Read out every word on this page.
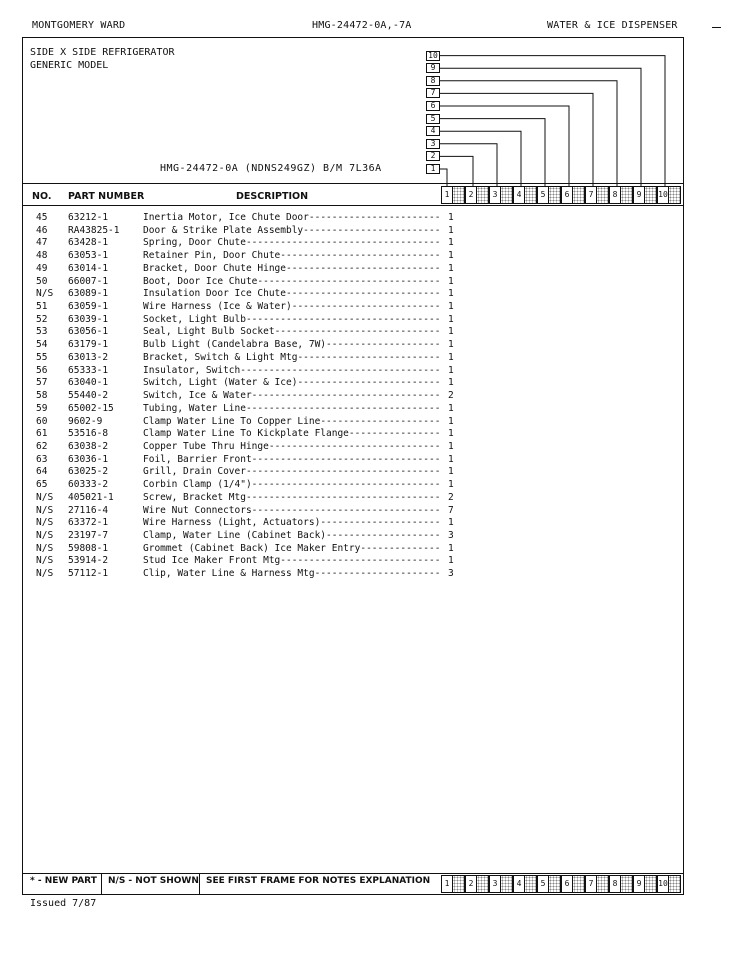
MONTGOMERY WARD	HMG-24472-0A,-7A	WATER & ICE DISPENSER
SIDE X SIDE REFRIGERATOR
GENERIC MODEL
HMG-24472-0A (NDNS249GZ) B/M 7L36A	1
2
3
4
5
6
7
8
9
10
NO. PART NUMBER	DESCRIPTION	1	2	3	4	5	6	7	8	9	10
45 63212-1	Inertia Motor, Ice Chute Door----------------------- 1
46 RA43825-1 Door & Strike Plate Assembly------------------------ 1
47 63428-1	Spring, Door Chute---------------------------------- 1
48 63053-1	Retainer Pin, Door Chute---------------------------- 1
49 63014-1	Bracket, Door Chute Hinge--------------------------- 1
50 66007-1	Boot, Door Ice Chute-------------------------------- 1
N/S 63089-1	Insulation Door Ice Chute--------------------------- 1
51 63059-1	Wire Harness (Ice & Water)-------------------------- 1
52 63039-1	Socket, Light Bulb---------------------------------- 1
53 63056-1	Seal, Light Bulb Socket----------------------------- 1
54 63179-1	Bulb Light (Candelabra Base, 7W)-------------------- 1
55 63013-2	Bracket, Switch & Light Mtg------------------------- 1
56 65333-1	Insulator, Switch----------------------------------- 1
57 63040-1	Switch, Light (Water & Ice)------------------------- 1
58 55440-2	Switch, Ice & Water--------------------------------- 2
59 65002-15	Tubing, Water Line---------------------------------- 1
60 9602-9	Clamp Water Line To Copper Line--------------------- 1
61 53516-8	Clamp Water Line To Kickplate Flange---------------- 1
62 63038-2	Copper Tube Thru Hinge------------------------------ 1
63 63036-1	Foil, Barrier Front--------------------------------- 1
64 63025-2	Grill, Drain Cover---------------------------------- 1
65 60333-2	Corbin Clamp (1/4")--------------------------------- 1
N/S 405021-1	Screw, Bracket Mtg---------------------------------- 2
N/S 27116-4	Wire Nut Connectors--------------------------------- 7
N/S 63372-1	Wire Harness (Light, Actuators)--------------------- 1
N/S 23197-7	Clamp, Water Line (Cabinet Back)-------------------- 3
N/S 59808-1	Grommet (Cabinet Back) Ice Maker Entry-------------- 1
N/S 53914-2	Stud Ice Maker Front Mtg---------------------------- 1
N/S 57112-1	Clip, Water Line & Harness Mtg---------------------- 3
* - NEW PART N/S - NOT SHOWN SEE FIRST FRAME FOR NOTES EXPLANATION	1	2	3	4	5	6	7	8	9	10
Issued 7/87
